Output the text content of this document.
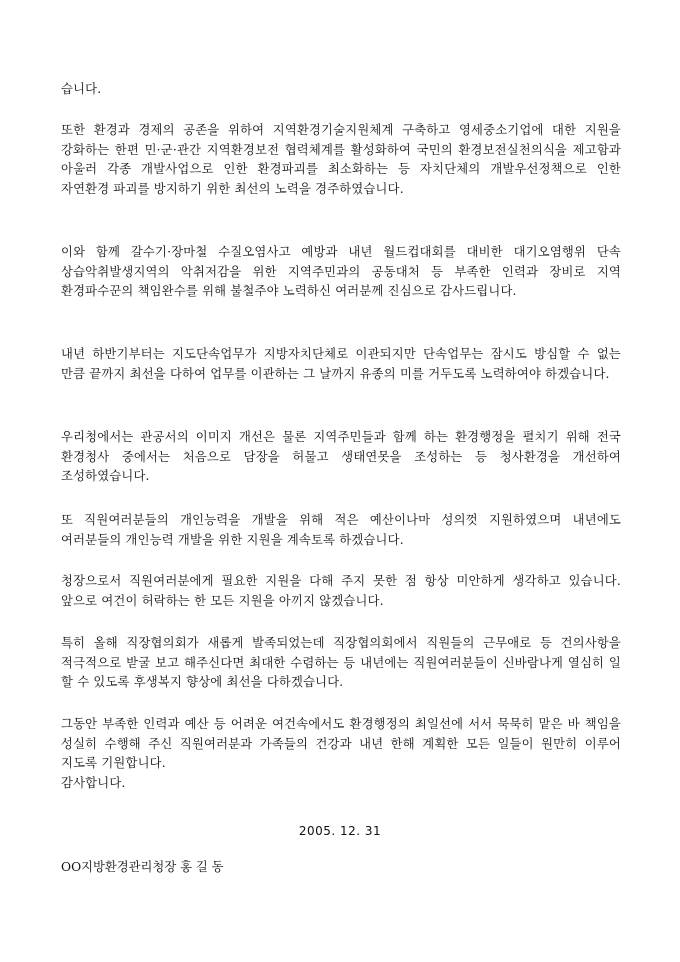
습니다.

또한 환경과 경제의 공존을 위하여 지역환경기술지원체계 구축하고 영세중소기업에 대한 지원을 강화하는 한편 민·군·관간 지역환경보전 협력체계를 활성화하여 국민의 환경보전실천의식을 제고함과 아울러 각종 개발사업으로 인한 환경파괴를 최소화하는 등 자치단체의 개발우선정책으로 인한 자연환경 파괴를 방지하기 위한 최선의 노력을 경주하였습니다.

이와 함께 갈수기·장마철 수질오염사고 예방과 내년 월드컵대회를 대비한 대기오염행위 단속 상습악취발생지역의 악취저감을 위한 지역주민과의 공동대처 등 부족한 인력과 장비로 지역 환경파수꾼의 책임완수를 위해 불철주야 노력하신 여러분께 진심으로 감사드립니다.

내년 하반기부터는 지도단속업무가 지방자치단체로 이관되지만 단속업무는 잠시도 방심할 수 없는 만큼 끝까지 최선을 다하여 업무를 이관하는 그 날까지 유종의 미를 거두도록 노력하여야 하겠습니다.

우리청에서는 관공서의 이미지 개선은 물론 지역주민들과 함께 하는 환경행정을 펼치기 위해 전국 환경청사 중에서는 처음으로 담장을 허물고 생태연못을 조성하는 등 청사환경을 개선하여 조성하였습니다.

또 직원여러분들의 개인능력을 개발을 위해 적은 예산이나마 성의껏 지원하였으며 내년에도 여러분들의 개인능력 개발을 위한 지원을 계속토록 하겠습니다.

청장으로서 직원여러분에게 필요한 지원을 다해 주지 못한 점 항상 미안하게 생각하고 있습니다. 앞으로 여건이 허락하는 한 모든 지원을 아끼지 않겠습니다.

특히 올해 직장협의회가 새롭게 발족되었는데 직장협의회에서 직원들의 근무애로 등 건의사항을 적극적으로 받굴 보고 해주신다면 최대한 수렴하는 등 내년에는 직원여러분들이 신바람나게 열심히 일 할 수 있도록 후생복지 향상에 최선을 다하겠습니다.

그동안 부족한 인력과 예산 등 어려운 여건속에서도 환경행정의 최일선에 서서 묵묵히 맡은 바 책임을 성실히 수행해 주신 직원여러분과 가족들의 건강과 내년 한해 계획한 모든 일들이 원만히 이루어 지도록 기원합니다.

감사합니다.

2005. 12. 31
OO지방환경관리청장 홍 길 동
